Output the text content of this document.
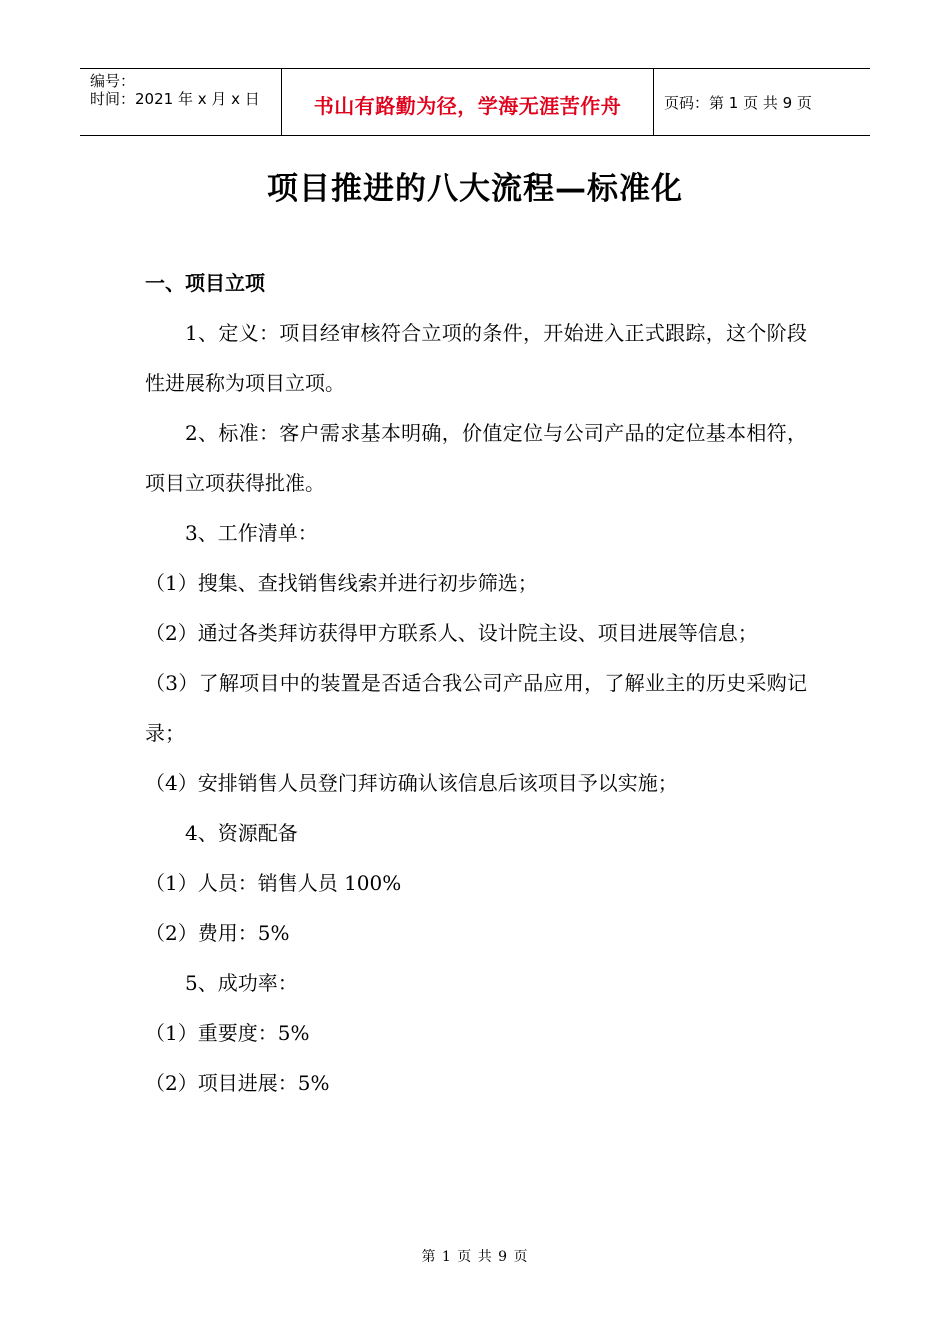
编号：
时间：2021 年 x 月 x 日	书山有路勤为径，学海无涯苦作舟	页码：第 1 页 共 9 页
项目推进的八大流程—标准化

一、项目立项

1、定义：项目经审核符合立项的条件，开始进入正式跟踪，这个阶段性进展称为项目立项。

2、标准：客户需求基本明确，价值定位与公司产品的定位基本相符，项目立项获得批准。

3、工作清单：

（1）搜集、查找销售线索并进行初步筛选；

（2）通过各类拜访获得甲方联系人、设计院主设、项目进展等信息；

（3）了解项目中的装置是否适合我公司产品应用，了解业主的历史采购记录；

（4）安排销售人员登门拜访确认该信息后该项目予以实施；

4、资源配备

（1）人员：销售人员 100%

（2）费用：5%

5、成功率：

（1）重要度：5%

（2）项目进展：5%

第 1 页 共 9 页
